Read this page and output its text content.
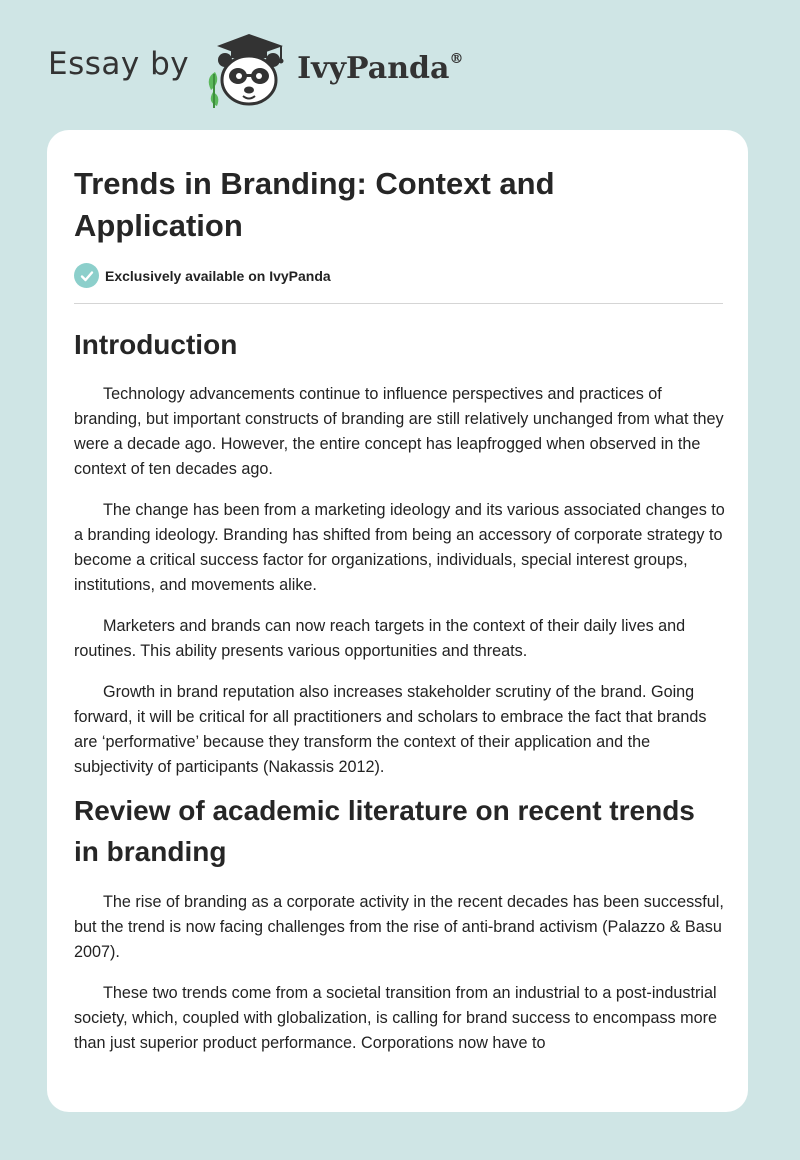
Essay by	IvyPanda®
Trends in Branding: Context and Application
Exclusively available on IvyPanda
Introduction

Technology advancements continue to influence perspectives and practices of branding, but important constructs of branding are still relatively unchanged from what they were a decade ago. However, the entire concept has leapfrogged when observed in the context of ten decades ago.

The change has been from a marketing ideology and its various associated changes to a branding ideology. Branding has shifted from being an accessory of corporate strategy to become a critical success factor for organizations, individuals, special interest groups, institutions, and movements alike.

Marketers and brands can now reach targets in the context of their daily lives and routines. This ability presents various opportunities and threats.

Growth in brand reputation also increases stakeholder scrutiny of the brand. Going forward, it will be critical for all practitioners and scholars to embrace the fact that brands are ‘performative’ because they transform the context of their application and the subjectivity of participants (Nakassis 2012).

Review of academic literature on recent trends in branding

The rise of branding as a corporate activity in the recent decades has been successful, but the trend is now facing challenges from the rise of anti-brand activism (Palazzo & Basu 2007).

These two trends come from a societal transition from an industrial to a post-industrial society, which, coupled with globalization, is calling for brand success to encompass more than just superior product performance. Corporations now have to
